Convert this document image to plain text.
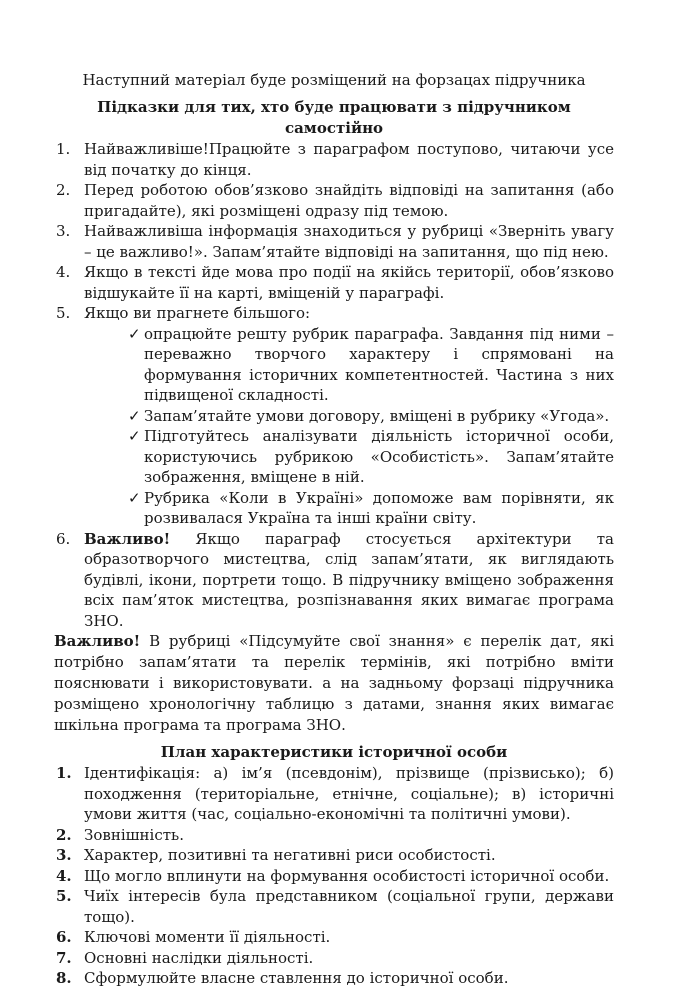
Наступний матеріал буде розміщений на форзацах підручника
Підказки для тих, хто буде працювати з підручником самостійно
1. Найважливіше!Працюйте з параграфом поступово, читаючи усе від початку до кінця.
2. Перед роботою обов’язково знайдіть відповіді на запитання (або пригадайте), які розміщені одразу під темою.
3. Найважливіша інформація знаходиться у рубриці «Зверніть увагу – це важливо!». Запам’ятайте відповіді на запитання, що під нею.
4. Якщо в тексті йде мова про події на якійсь території, обов’язково відшукайте її на карті, вміщеній у параграфі.
5. Якщо ви прагнете більшого:
✓ опрацюйте решту рубрик параграфа. Завдання під ними – переважно творчого характеру і спрямовані на формування історичних компетентностей. Частина з них підвищеної складності.
✓ Запам’ятайте умови договору, вміщені в рубрику «Угода».
✓ Підготуйтесь аналізувати діяльність історичної особи, користуючись рубрикою «Особистість». Запам’ятайте зображення, вміщене в ній.
✓ Рубрика «Коли в Україні» допоможе вам порівняти, як розвивалася Україна та інші країни світу.
6. Важливо! Якщо параграф стосується архітектури та образотворчого мистецтва, слід запам’ятати, як виглядають будівлі, ікони, портрети тощо. В підручнику вміщено зображення всіх пам’яток мистецтва, розпізнавання яких вимагає програма ЗНО.

Важливо! В рубриці «Підсумуйте свої знання» є перелік дат, які потрібно запам’ятати та перелік термінів, які потрібно вміти пояснювати і використовувати. а на задньому форзаці підручника розміщено хронологічну таблицю з датами, знання яких вимагає шкільна програма та програма ЗНО.

План характеристики історичної особи
1. Ідентифікація: а) ім’я (псевдонім), прізвище (прізвисько); б) походження (територіальне, етнічне, соціальне); в) історичні умови життя (час, соціально-економічні та політичні умови).
2. Зовнішність.
3. Характер, позитивні та негативні риси особистості.
4. Що могло вплинути на формування особистості історичної особи.
5. Чиїх інтересів була представником (соціальної групи, держави тощо).
6. Ключові моменти її діяльності.
7. Основні наслідки діяльності.
8. Сформулюйте власне ставлення до історичної особи.
